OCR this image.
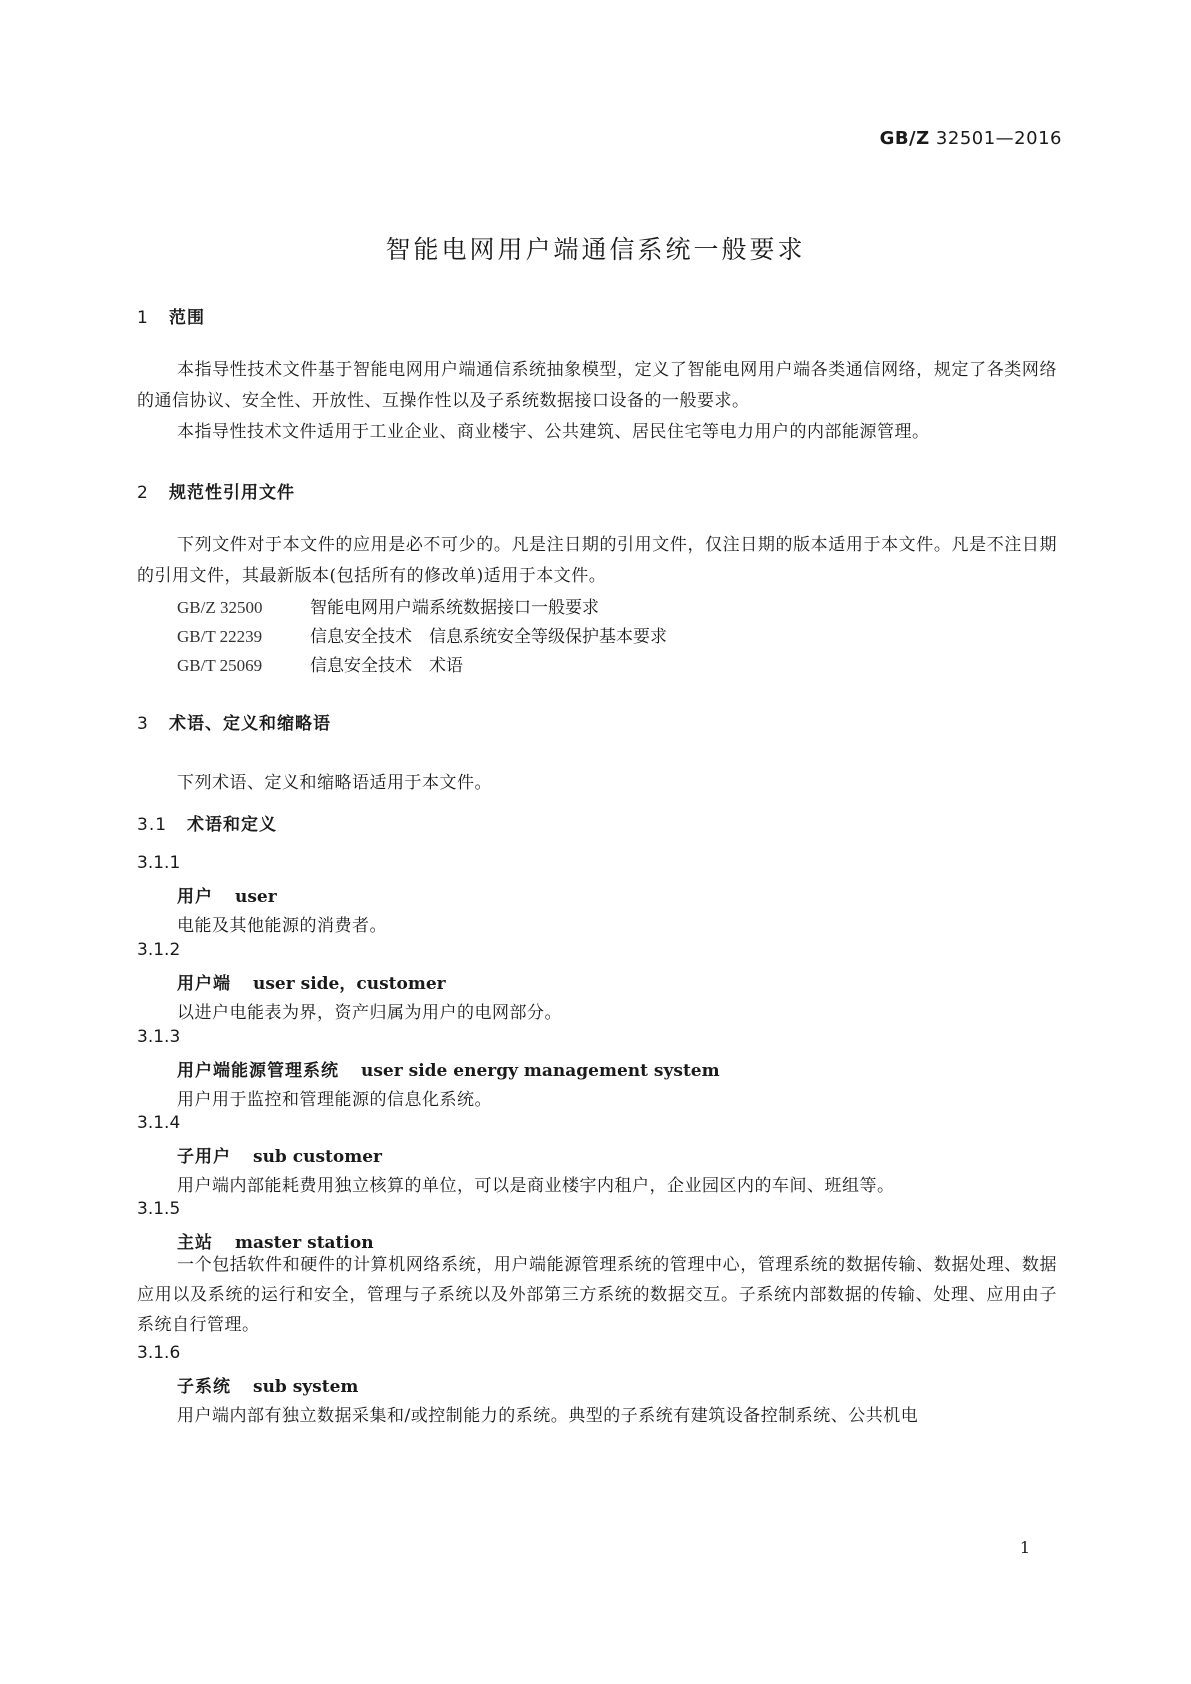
GB/Z 32501—2016
智能电网用户端通信系统一般要求
1 范围

本指导性技术文件基于智能电网用户端通信系统抽象模型，定义了智能电网用户端各类通信网络，规定了各类网络的通信协议、安全性、开放性、互操作性以及子系统数据接口设备的一般要求。

本指导性技术文件适用于工业企业、商业楼宇、公共建筑、居民住宅等电力用户的内部能源管理。

2 规范性引用文件

下列文件对于本文件的应用是必不可少的。凡是注日期的引用文件，仅注日期的版本适用于本文件。凡是不注日期的引用文件，其最新版本(包括所有的修改单)适用于本文件。

GB/Z 32500	智能电网用户端系统数据接口一般要求
GB/T 22239	信息安全技术　信息系统安全等级保护基本要求
GB/T 25069	信息安全技术　术语
3 术语、定义和缩略语
下列术语、定义和缩略语适用于本文件。
3.1 术语和定义
3.1.1
用户 user
电能及其他能源的消费者。
3.1.2
用户端 user side，customer
以进户电能表为界，资产归属为用户的电网部分。
3.1.3
用户端能源管理系统 user side energy management system
用户用于监控和管理能源的信息化系统。
3.1.4
子用户 sub customer
用户端内部能耗费用独立核算的单位，可以是商业楼宇内租户，企业园区内的车间、班组等。
3.1.5
主站 master station

一个包括软件和硬件的计算机网络系统，用户端能源管理系统的管理中心，管理系统的数据传输、数据处理、数据应用以及系统的运行和安全，管理与子系统以及外部第三方系统的数据交互。子系统内部数据的传输、处理、应用由子系统自行管理。

3.1.6
子系统 sub system
用户端内部有独立数据采集和/或控制能力的系统。典型的子系统有建筑设备控制系统、公共机电
1
